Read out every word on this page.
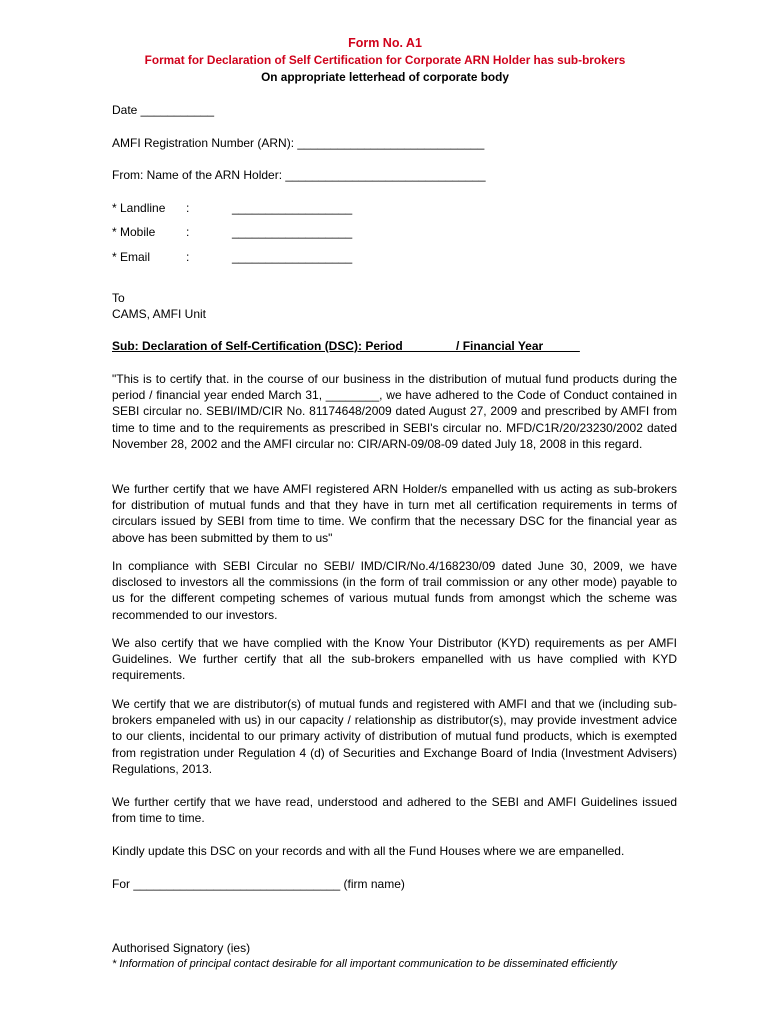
Form No. A1
Format for Declaration of Self Certification for Corporate ARN Holder has sub-brokers
On appropriate letterhead of corporate body
Date ___________
AMFI Registration Number (ARN): ____________________________
From: Name of the ARN Holder: ______________________________
* Landline :	__________________
* Mobile	:	__________________
* Email	:	__________________
To
CAMS, AMFI Unit
Sub: Declaration of Self-Certification (DSC): Period                / Financial Year
"This is to certify that. in the course of our business in the distribution of mutual fund products during the period / financial year ended March 31, ________, we have adhered to the Code of Conduct contained in SEBI circular no. SEBI/IMD/CIR No. 81174648/2009 dated August 27, 2009 and prescribed by AMFI from time to time and to the requirements as prescribed in SEBI's circular no. MFD/C1R/20/23230/2002 dated November 28, 2002 and the AMFI circular no: CIR/ARN-09/08-09 dated July 18, 2008 in this regard.
We further certify that we have AMFI registered ARN Holder/s empanelled with us acting as sub-brokers for distribution of mutual funds and that they have in turn met all certification requirements in terms of circulars issued by SEBI from time to time. We confirm that the necessary DSC for the financial year as above has been submitted by them to us"
In compliance with SEBI Circular no SEBI/ IMD/CIR/No.4/168230/09 dated June 30, 2009, we have disclosed to investors all the commissions (in the form of trail commission or any other mode) payable to us for the different competing schemes of various mutual funds from amongst which the scheme was recommended to our investors.
We also certify that we have complied with the Know Your Distributor (KYD) requirements as per AMFI Guidelines. We further certify that all the sub-brokers empanelled with us have complied with KYD requirements.
We certify that we are distributor(s) of mutual funds and registered with AMFI and that we (including sub-brokers empaneled with us) in our capacity / relationship as distributor(s), may provide investment advice to our clients, incidental to our primary activity of distribution of mutual fund products, which is exempted from registration under Regulation 4 (d) of Securities and Exchange Board of India (Investment Advisers) Regulations, 2013.
We further certify that we have read, understood and adhered to the SEBI and AMFI Guidelines issued from time to time.
Kindly update this DSC on your records and with all the Fund Houses where we are empanelled.
For _______________________________ (firm name)
Authorised Signatory (ies)
* Information of principal contact desirable for all important communication to be disseminated efficiently
